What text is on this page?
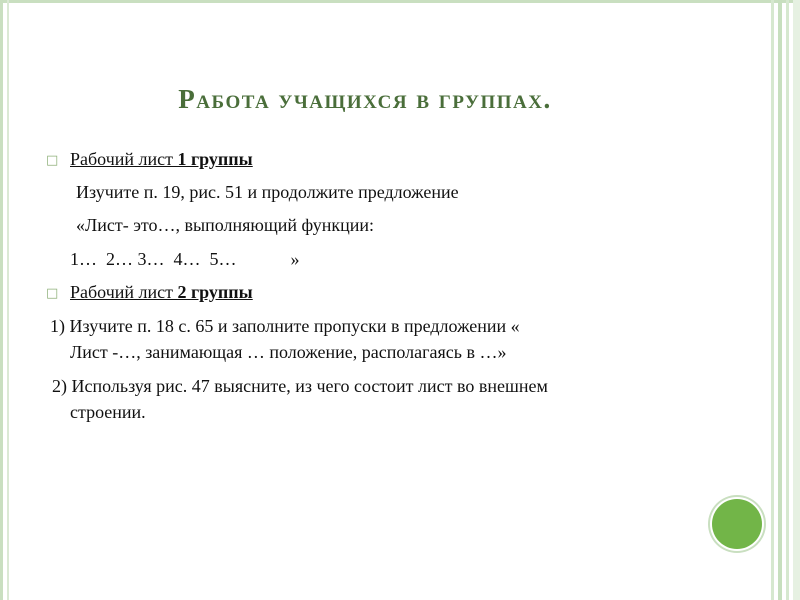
Работа учащихся в группах.
□ Рабочий лист 1 группы
Изучите п. 19, рис. 51 и продолжите предложение
«Лист- это…, выполняющий функции:
1…  2… 3…  4…  5…            »
□ Рабочий лист 2 группы
1) Изучите п. 18 с. 65 и заполните пропуски в предложении «
Лист -…, занимающая … положение, располагаясь в …»
2) Используя рис. 47 выясните, из чего состоит лист во внешнем
строении.
